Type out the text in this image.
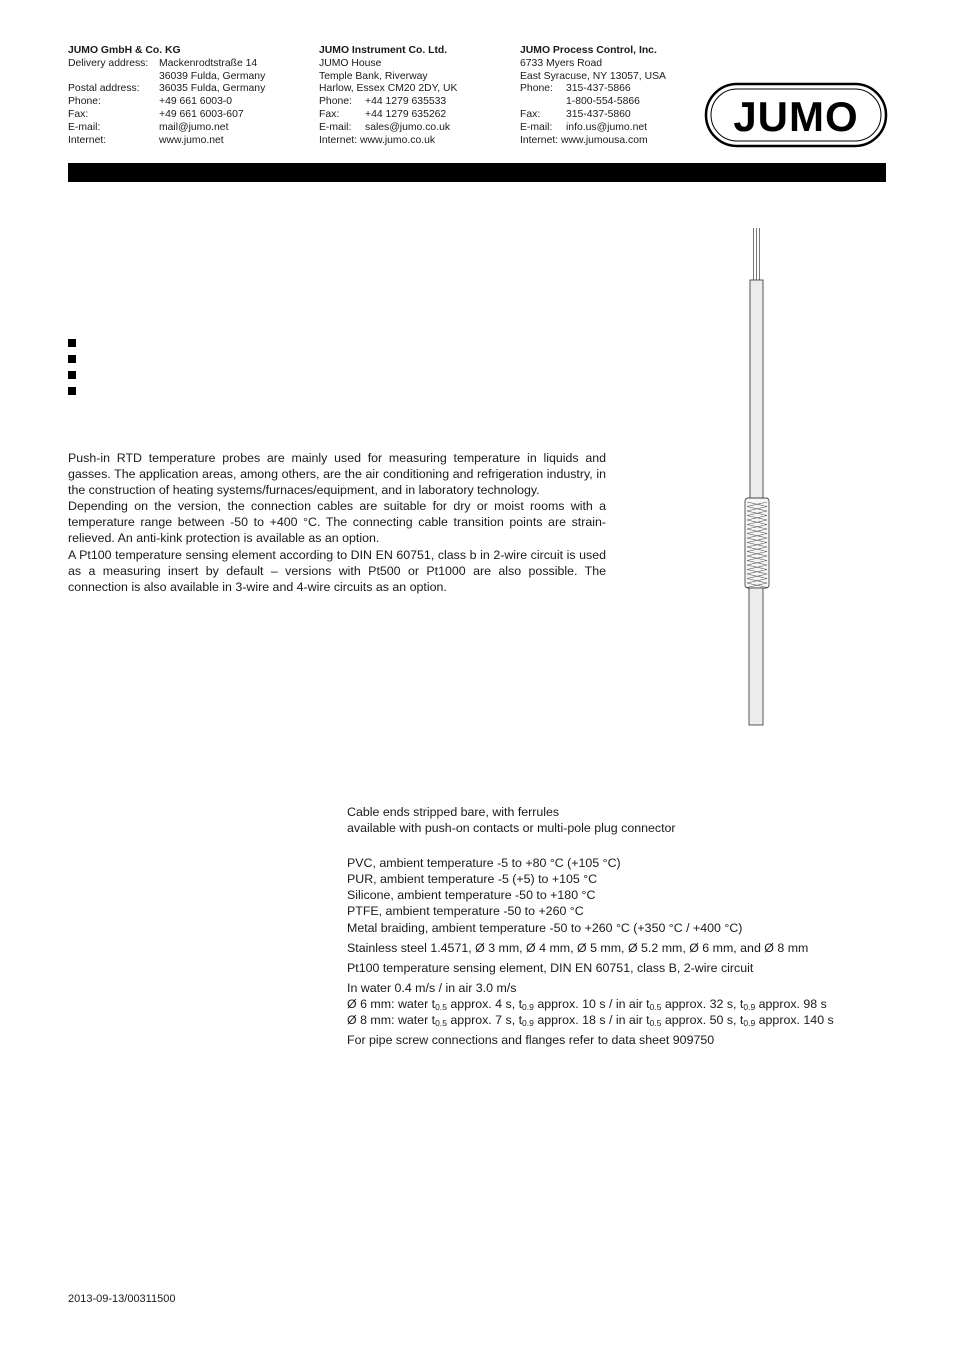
JUMO GmbH & Co. KG
Delivery address:	Mackenrodtstraße 14
36039 Fulda, Germany
Postal address:	36035 Fulda, Germany
Phone:	+49 661 6003-0
Fax:	+49 661 6003-607
E-mail:	mail@jumo.net
Internet:	www.jumo.net
JUMO Instrument Co. Ltd.
JUMO House
Temple Bank, Riverway
Harlow, Essex CM20 2DY, UK
Phone:	+44 1279 635533
Fax:	+44 1279 635262
E-mail:	sales@jumo.co.uk
Internet:
www.jumo.co.uk
JUMO Process Control, Inc.
6733 Myers Road
East Syracuse, NY 13057, USA
Phone:	315-437-5866
1-800-554-5866
Fax:	315-437-5860
E-mail:	info.us@jumo.net
Internet:
www.jumousa.com
JUMO

Push-in RTD temperature probes are mainly used for measuring temperature in liquids and gasses. The application areas, among others, are the air conditioning and refrigeration industry, in the construction of heating systems/furnaces/equipment, and in laboratory technology.

Depending on the version, the connection cables are suitable for dry or moist rooms with a temperature range between -50 to +400 °C. The connecting cable transition points are strain-relieved. An anti-kink protection is available as an option.

A Pt100 temperature sensing element according to DIN EN 60751, class b in 2-wire circuit is used as a measuring insert by default – versions with Pt500 or Pt1000 are also possible. The connection is also available in 3-wire and 4-wire circuits as an option.

Cable ends stripped bare, with ferrules
available with push-on contacts or multi-pole plug connector
PVC, ambient temperature -5 to +80 °C (+105 °C)
PUR, ambient temperature -5 (+5) to +105 °C
Silicone, ambient temperature -50 to +180 °C
PTFE, ambient temperature -50 to +260 °C
Metal braiding, ambient temperature -50 to +260 °C (+350 °C / +400 °C)
Stainless steel 1.4571, Ø 3 mm, Ø 4 mm, Ø 5 mm, Ø 5.2 mm, Ø 6 mm, and Ø 8 mm
Pt100 temperature sensing element, DIN EN 60751, class B, 2-wire circuit
In water 0.4 m/s / in air 3.0 m/s
Ø 6 mm: water $t_{0.5}$ approx. 4 s, $t_{0.9}$ approx. 10 s / in air $t_{0.5}$ approx. 32 s, $t_{0.9}$ approx. 98 s
Ø 8 mm: water $t_{0.5}$ approx. 7 s, $t_{0.9}$ approx. 18 s / in air $t_{0.5}$ approx. 50 s, $t_{0.9}$ approx. 140 s
For pipe screw connections and flanges refer to data sheet 909750
2013-09-13/00311500
